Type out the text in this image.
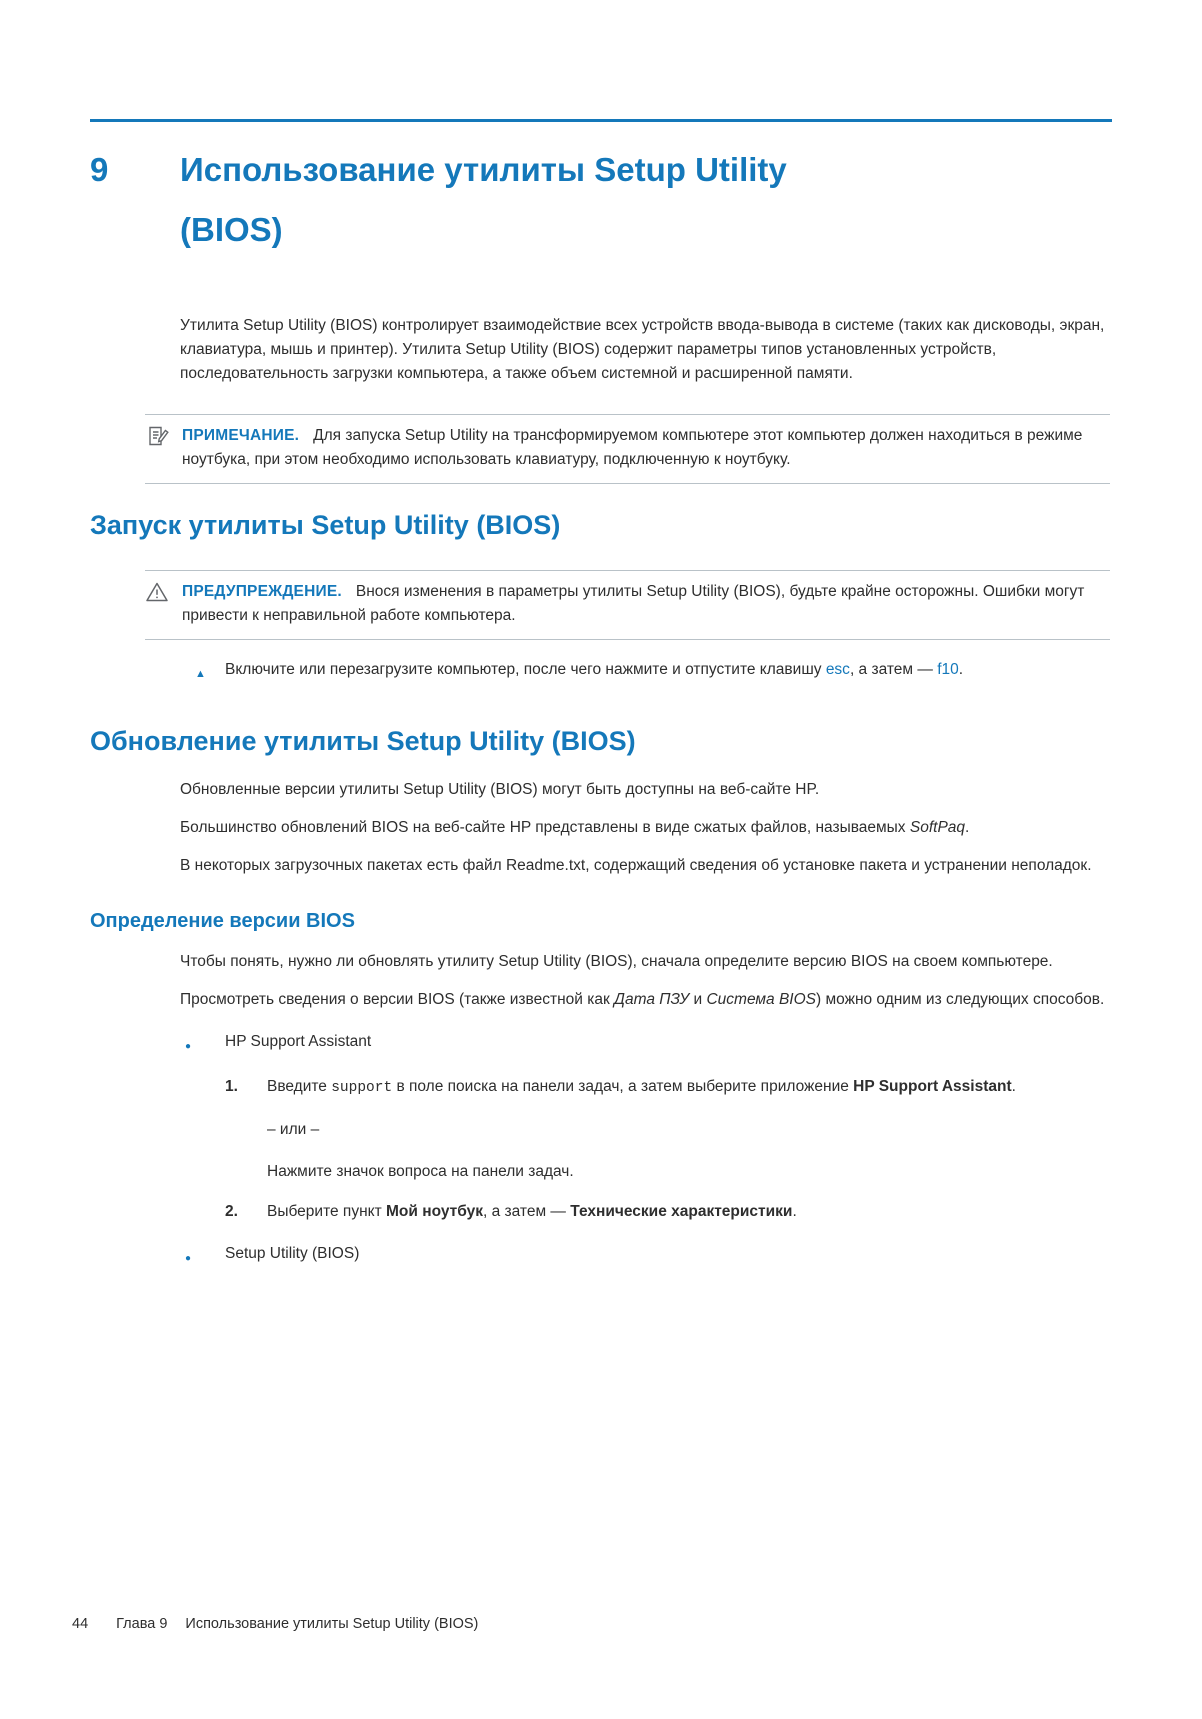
9	Использование утилиты Setup Utility
(BIOS)

Утилита Setup Utility (BIOS) контролирует взаимодействие всех устройств ввода-вывода в системе (таких как дисководы, экран, клавиатура, мышь и принтер). Утилита Setup Utility (BIOS) содержит параметры типов установленных устройств, последовательность загрузки компьютера, а также объем системной и расширенной памяти.

ПРИМЕЧАНИЕ. Для запуска Setup Utility на трансформируемом компьютере этот компьютер должен находиться в режиме ноутбука, при этом необходимо использовать клавиатуру, подключенную к ноутбуку.
Запуск утилиты Setup Utility (BIOS)
ПРЕДУПРЕЖДЕНИЕ. Внося изменения в параметры утилиты Setup Utility (BIOS), будьте крайне осторожны. Ошибки могут привести к неправильной работе компьютера.
▲	Включите или перезагрузите компьютер, после чего нажмите и отпустите клавишу esc, а затем — f10.

Обновление утилиты Setup Utility (BIOS)

Обновленные версии утилиты Setup Utility (BIOS) могут быть доступны на веб-сайте HP.

Большинство обновлений BIOS на веб-сайте HP представлены в виде сжатых файлов, называемых SoftPaq.

В некоторых загрузочных пакетах есть файл Readme.txt, содержащий сведения об установке пакета и устранении неполадок.

Определение версии BIOS

Чтобы понять, нужно ли обновлять утилиту Setup Utility (BIOS), сначала определите версию BIOS на своем компьютере.

Просмотреть сведения о версии BIOS (также известной как Дата ПЗУ и Система BIOS) можно одним из следующих способов.

●	HP Support Assistant
1.	Введите support в поле поиска на панели задач, а затем выберите приложение HP Support Assistant.

– или –

Нажмите значок вопроса на панели задач.

2.	Выберите пункт Мой ноутбук, а затем — Технические характеристики.

●	Setup Utility (BIOS)
44 Глава 9 Использование утилиты Setup Utility (BIOS)
